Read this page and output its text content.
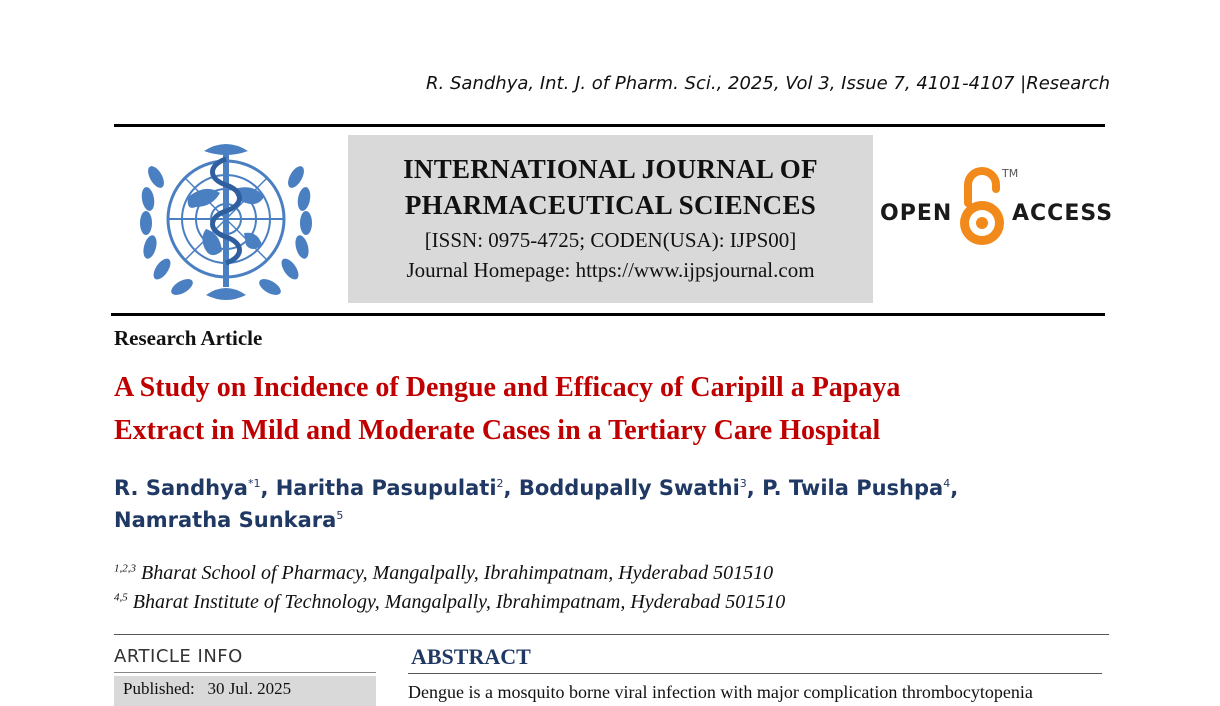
R. Sandhya, Int. J. of Pharm. Sci., 2025, Vol 3, Issue 7, 4101-4107 |Research
INTERNATIONAL JOURNAL OF
PHARMACEUTICAL SCIENCES
[ISSN: 0975-4725; CODEN(USA): IJPS00]
Journal Homepage: https://www.ijpsjournal.com
OPEN
TM
ACCESS
Research Article
A Study on Incidence of Dengue and Efficacy of Caripill a Papaya
Extract in Mild and Moderate Cases in a Tertiary Care Hospital
R. Sandhya$^{*1}$, Haritha Pasupulati$^2$, Boddupally Swathi$^3$, P. Twila Pushpa$^4$,
Namratha Sunkara$^5$
$^{1,2,3}$ Bharat School of Pharmacy, Mangalpally, Ibrahimpatnam, Hyderabad 501510
$^{4,5}$ Bharat Institute of Technology, Mangalpally, Ibrahimpatnam, Hyderabad 501510
ARTICLE INFO	ABSTRACT
Published: 30 Jul. 2025	Dengue is a mosquito borne viral infection with major complication thrombocytopenia
